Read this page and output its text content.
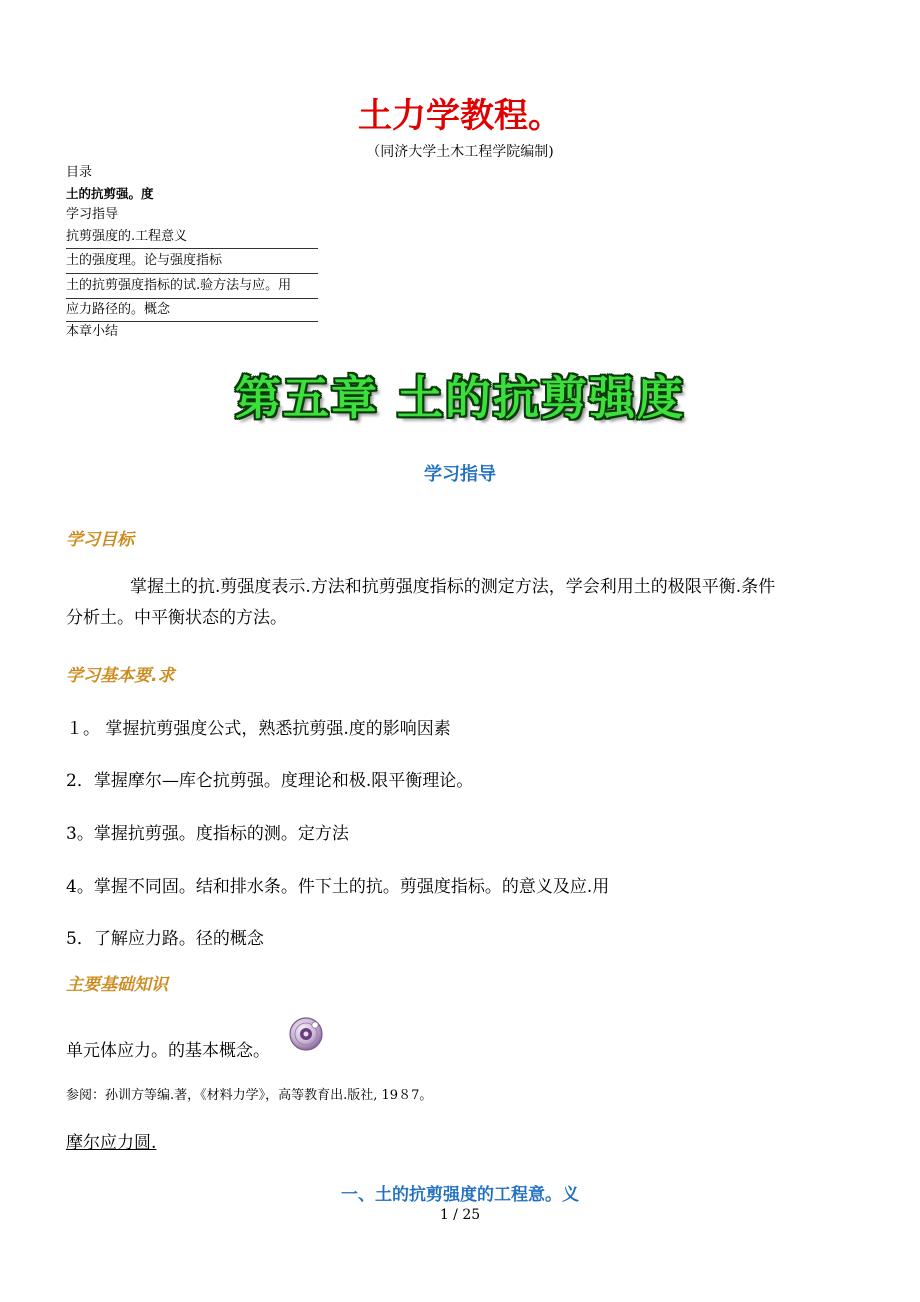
土力学教程。
（同济大学土木工程学院编制)
目录
土的抗剪强。度
学习指导
抗剪强度的.工程意义
土的强度理。论与强度指标
土的抗剪强度指标的试.验方法与应。用
应力路径的。概念
本章小结
第五章 土的抗剪强度
学习指导
学习目标
掌握土的抗.剪强度表示.方法和抗剪强度指标的测定方法，学会利用土的极限平衡.条件
分析土。中平衡状态的方法。
学习基本要.求
１。 掌握抗剪强度公式，熟悉抗剪强.度的影响因素
2．掌握摩尔—库仑抗剪强。度理论和极.限平衡理论。
3。掌握抗剪强。度指标的测。定方法
4。掌握不同固。结和排水条。件下土的抗。剪强度指标。的意义及应.用
5．了解应力路。径的概念
主要基础知识
单元体应力。的基本概念。
参阅：孙训方等编.著，《材料力学》，高等教育出.版社, 19８7。
摩尔应力圆.
一、土的抗剪强度的工程意。义
1 / 25
